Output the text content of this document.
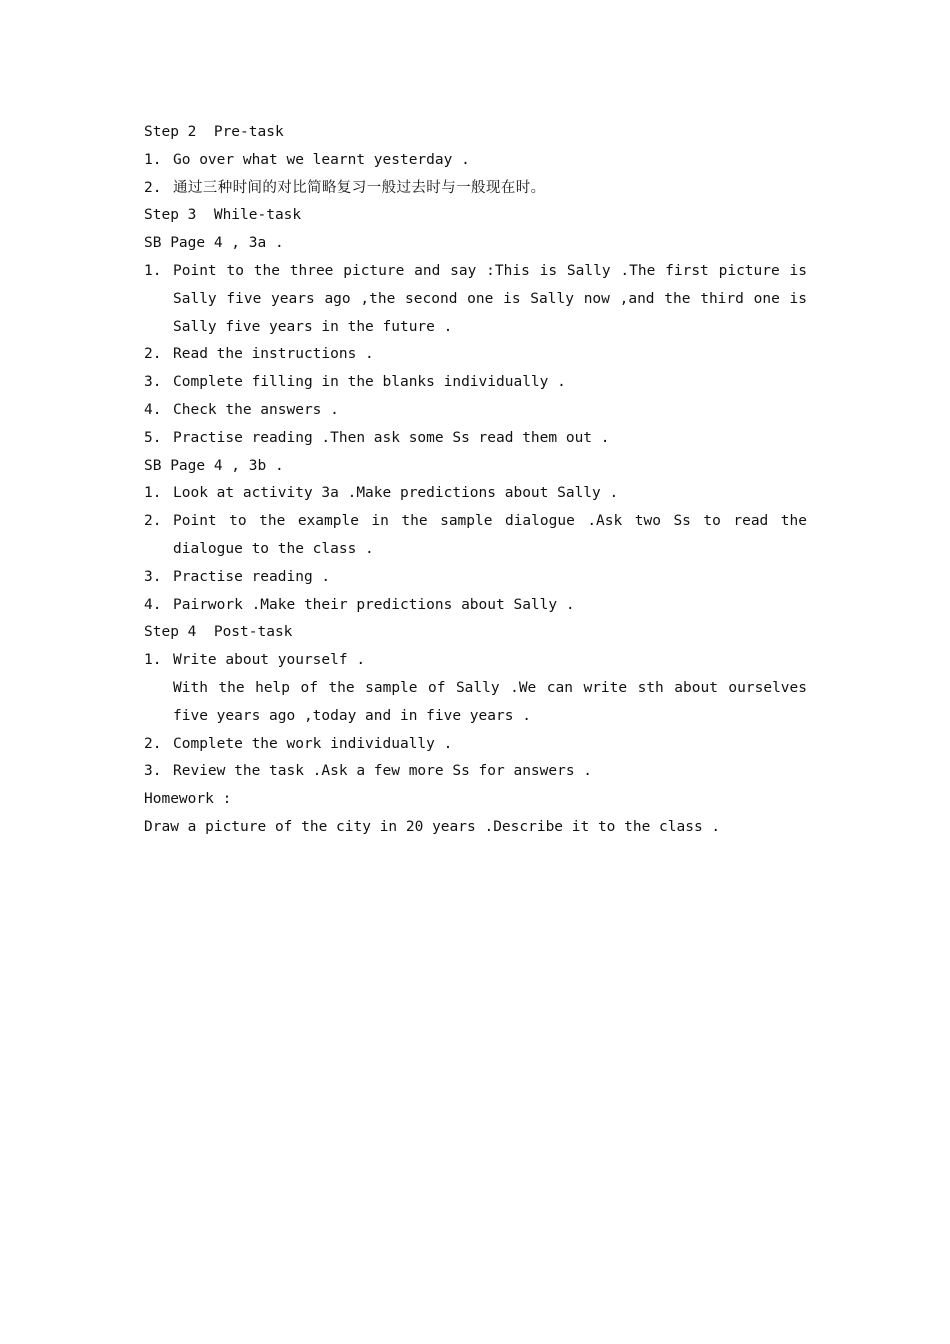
Step 2  Pre-task
1. Go over what we learnt yesterday .
2. 通过三种时间的对比简略复习一般过去时与一般现在时。
Step 3  While-task
SB Page 4 , 3a .
1. Point to the three picture and say :This is Sally .The first picture is Sally five years ago ,the second one is Sally now ,and the third one is Sally five years in the future .
2. Read the instructions .
3. Complete filling in the blanks individually .
4. Check the answers .
5. Practise reading .Then ask some Ss read them out .
SB Page 4 , 3b .
1. Look at activity 3a .Make predictions about Sally .
2. Point to the example in the sample dialogue .Ask two Ss to read the dialogue to the class .
3. Practise reading .
4. Pairwork .Make their predictions about Sally .
Step 4  Post-task
1. Write about yourself .
With the help of the sample of Sally .We can write sth about ourselves five years ago ,today and in five years .
2. Complete the work individually .
3. Review the task .Ask a few more Ss for answers .
Homework :
Draw a picture of the city in 20 years .Describe it to the class .
